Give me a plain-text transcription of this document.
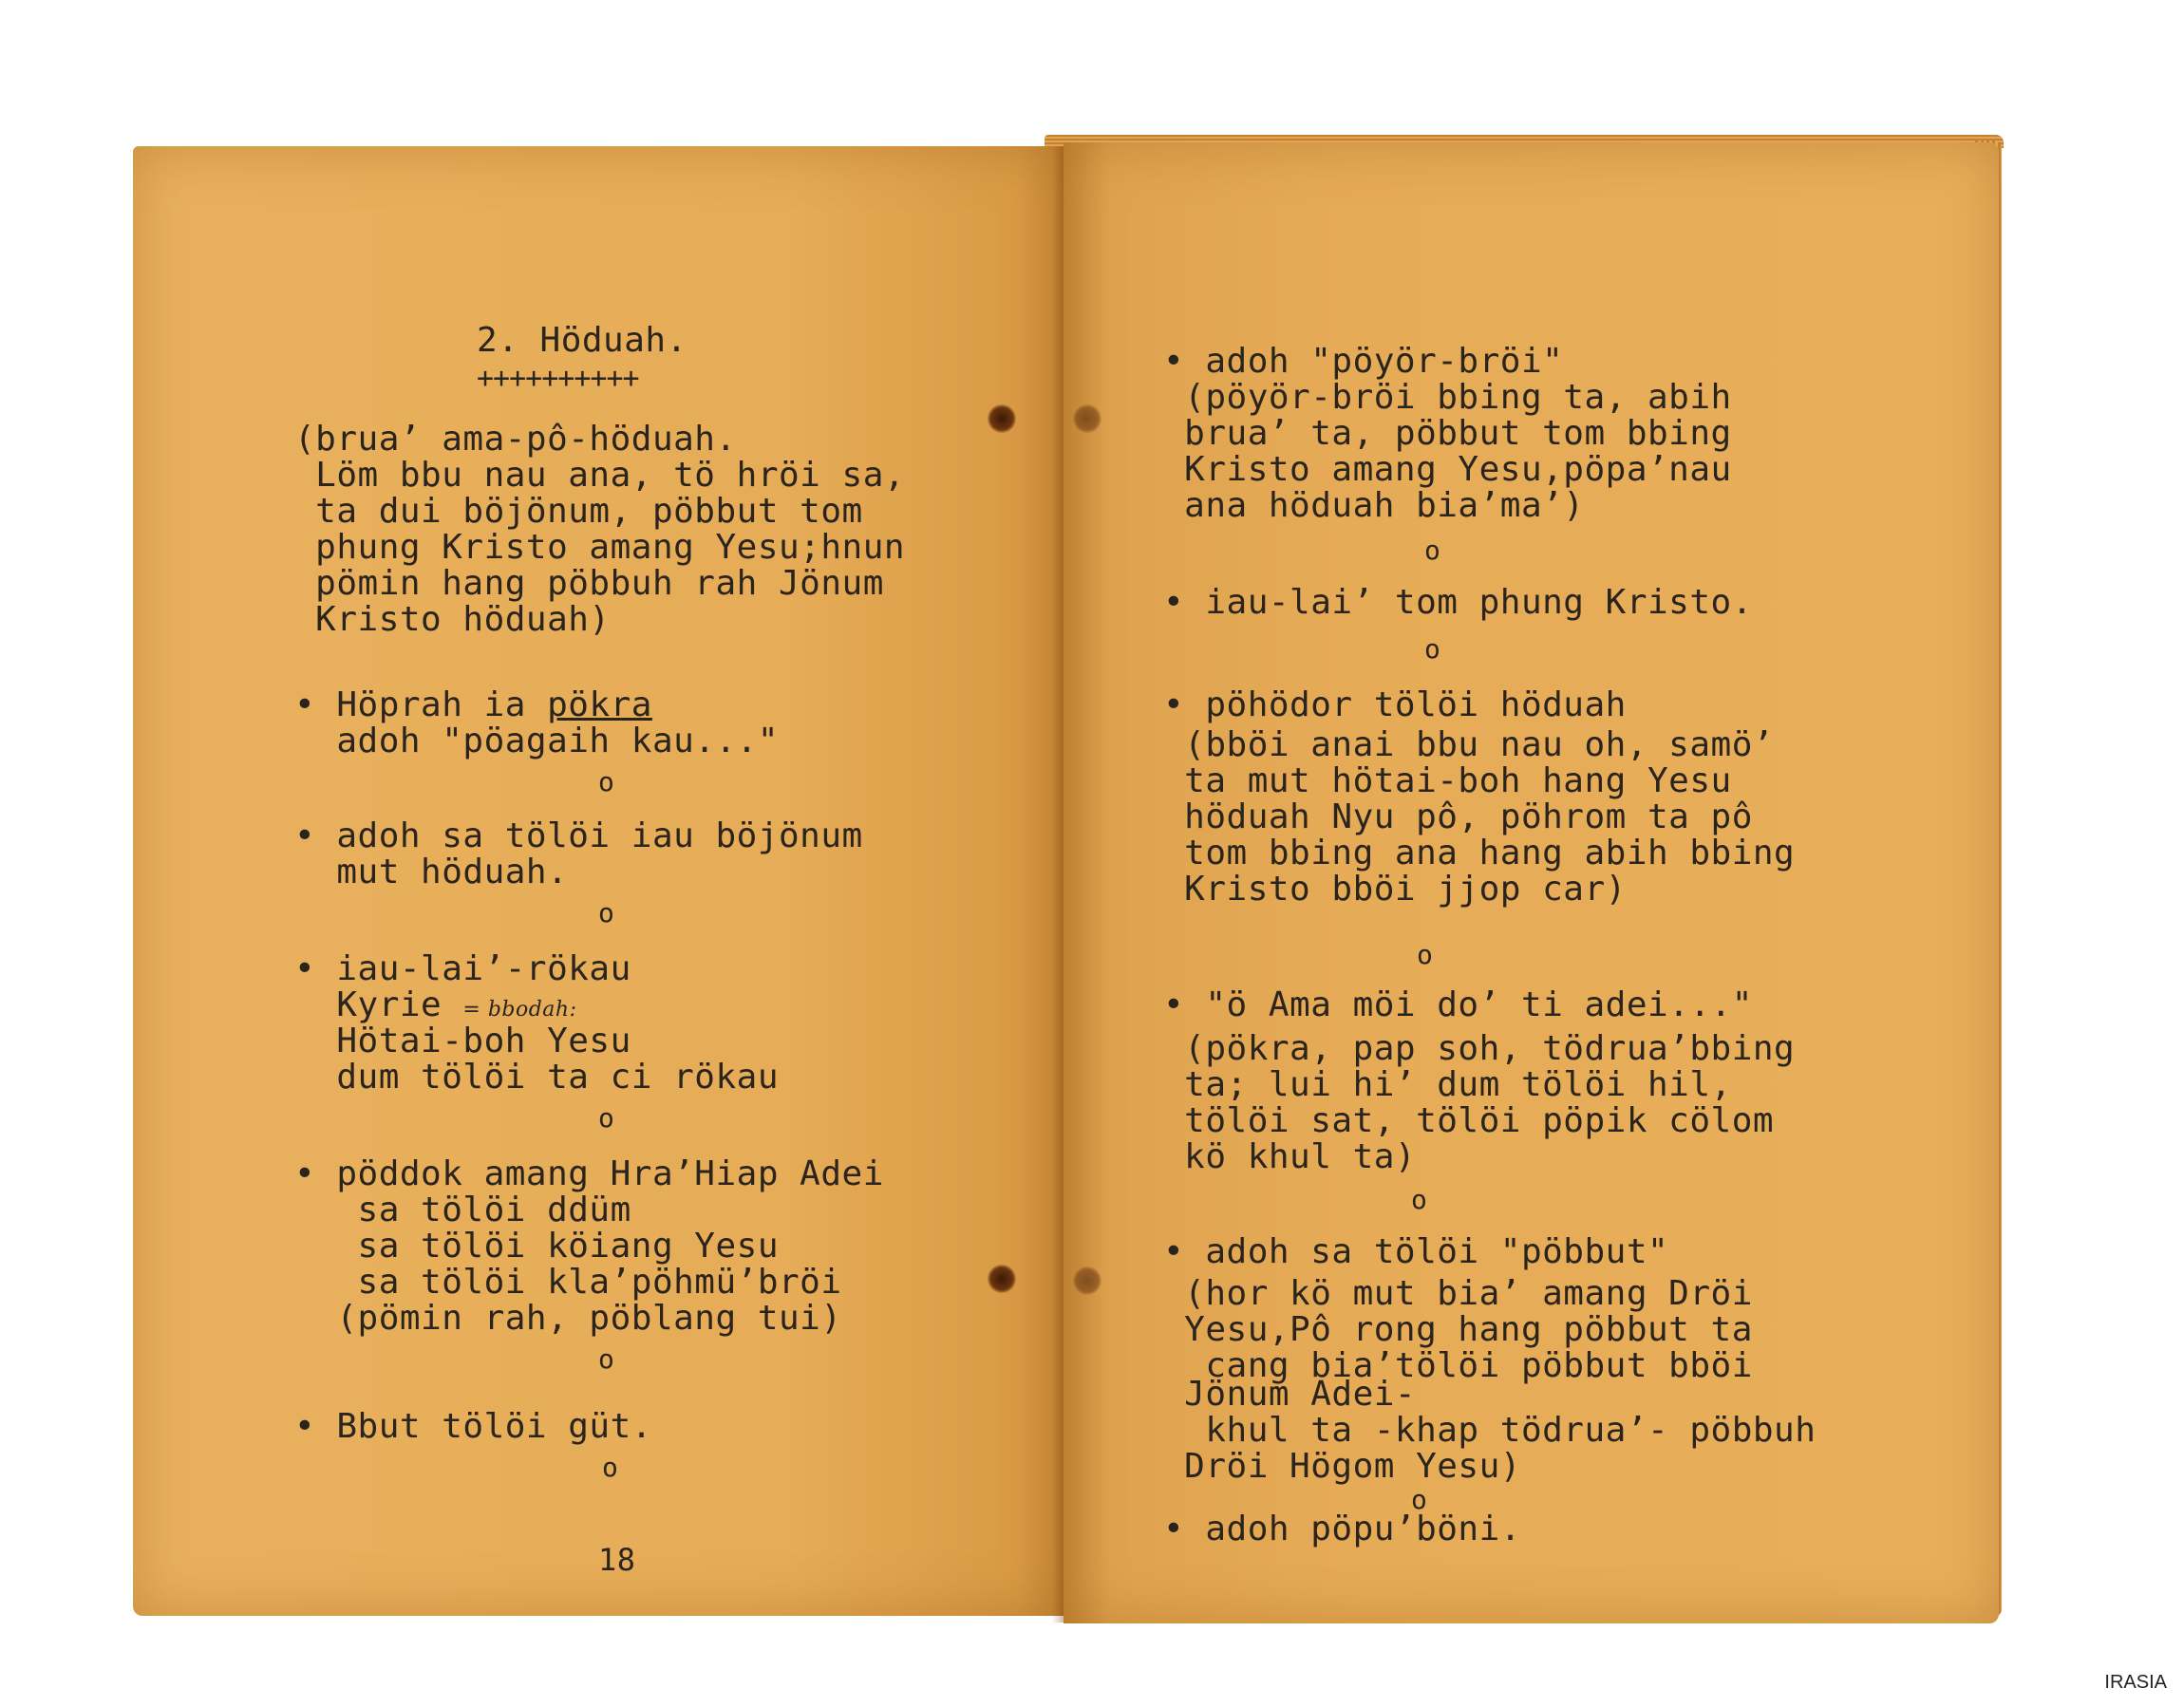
2. Höduah.
++++++++++
(brua’ ama-pô-höduah.
Löm bbu nau ana, tö hröi sa,
ta dui böjönum, pöbbut tom
phung Kristo amang Yesu;hnun
pömin hang pöbbuh rah Jönum
Kristo höduah)
• Höprah ia pökra
adoh "pöagaih kau..."
o
• adoh sa tölöi iau böjönum
mut höduah.
o
• iau-lai’-rökau
Kyrie = bbodah:
Hötai-boh Yesu
dum tölöi ta ci rökau
o
• pöddok amang Hra’Hiap Adei
sa tölöi ddüm
sa tölöi köiang Yesu
sa tölöi kla’pöhmü’bröi
(pömin rah, pöblang tui)
o
• Bbut tölöi güt.
o
18
• adoh "pöyör-bröi"
(pöyör-bröi bbing ta, abih
brua’ ta, pöbbut tom bbing
Kristo amang Yesu,pöpa’nau
ana höduah bia’ma’)
o
• iau-lai’ tom phung Kristo.
o
• pöhödor tölöi höduah
(bböi anai bbu nau oh, samö’
ta mut hötai-boh hang Yesu
höduah Nyu pô, pöhrom ta pô
tom bbing ana hang abih bbing
Kristo bböi jjop car)
o
• "ö Ama möi do’ ti adei..."
(pökra, pap soh, tödrua’bbing
ta; lui hi’ dum tölöi hil,
tölöi sat, tölöi pöpik cölom
kö khul ta)
o
• adoh sa tölöi "pöbbut"
(hor kö mut bia’ amang Dröi
Yesu,Pô rong hang pöbbut ta
cang bia’tölöi pöbbut bböi
Jönum Adei-
khul ta -khap tödrua’- pöbbuh
Dröi Högom Yesu)
o
• adoh pöpu’böni.
IRASIA
